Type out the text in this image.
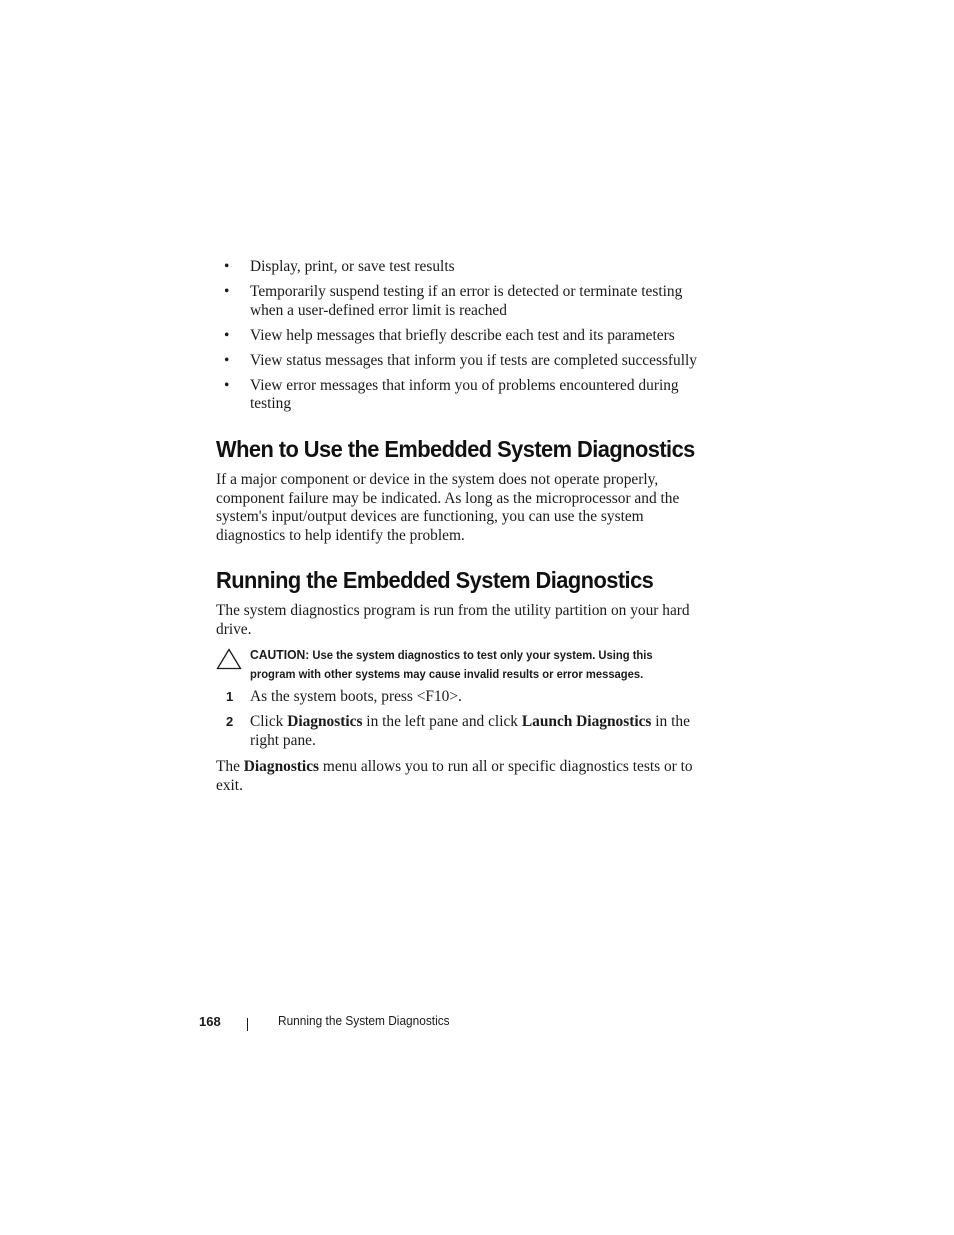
• Display, print, or save test results
• Temporarily suspend testing if an error is detected or terminate testing when a user-defined error limit is reached
• View help messages that briefly describe each test and its parameters
• View status messages that inform you if tests are completed successfully
• View error messages that inform you of problems encountered during testing
When to Use the Embedded System Diagnostics

If a major component or device in the system does not operate properly, component failure may be indicated. As long as the microprocessor and the system's input/output devices are functioning, you can use the system diagnostics to help identify the problem.

Running the Embedded System Diagnostics

The system diagnostics program is run from the utility partition on your hard drive.

CAUTION: Use the system diagnostics to test only your system. Using this program with other systems may cause invalid results or error messages.
1 As the system boots, press <F10>.
2 Click Diagnostics in the left pane and click Launch Diagnostics in the right pane.

The Diagnostics menu allows you to run all or specific diagnostics tests or to exit.

168	Running the System Diagnostics
